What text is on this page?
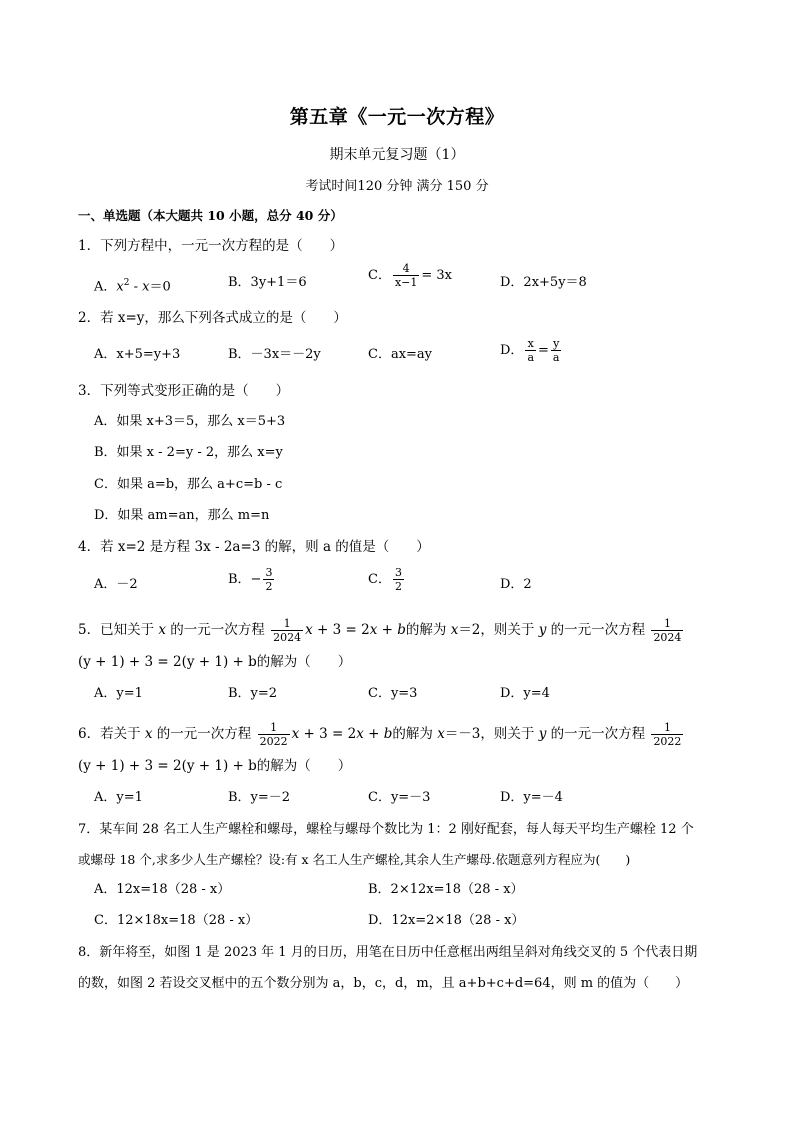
第五章《一元一次方程》
期末单元复习题（1）
考试时间120 分钟 满分 150 分
一、单选题（本大题共 10 小题，总分 40 分）
1．下列方程中，一元一次方程的是（　　）
A．$x^2 - x=0$	B．3y+1＝6	C． $\frac{4}{x-1} = 3x$	D．2x+5y＝8
2．若 x=y，那么下列各式成立的是（　　）
A．x+5=y+3	B．－3x＝－2y	C．ax=ay	D． $\frac{x}{a} = \frac{y}{a}$
3．下列等式变形正确的是（　　）
A．如果 x+3＝5，那么 x＝5+3
B．如果 x - 2=y - 2，那么 x=y
C．如果 a=b，那么 a+c=b - c
D．如果 am=an，那么 m=n
4．若 x=2 是方程 3x - 2a=3 的解，则 a 的值是（　　）
A．－2	B．− $\frac{3}{2}$	C． $\frac{3}{2}$	D．2
5．已知关于 x 的一元一次方程 $\frac{1}{2024}$ x + 3 = 2x + b的解为 x＝2，则关于 y 的一元一次方程 $\frac{1}{2024}$
(y + 1) + 3 = 2(y + 1) + b的解为（　　）
A．y=1	B．y=2	C．y=3	D．y=4
6．若关于 x 的一元一次方程 $\frac{1}{2022}$ x + 3 = 2x + b的解为 x＝－3，则关于 y 的一元一次方程 $\frac{1}{2022}$
(y + 1) + 3 = 2(y + 1) + b的解为（　　）
A．y=1	B．y=－2	C．y=－3	D．y=－4
7．某车间 28 名工人生产螺栓和螺母，螺栓与螺母个数比为 1：2 刚好配套，每人每天平均生产螺栓 12 个
或螺母 18 个,求多少人生产螺栓？设:有 x 名工人生产螺栓,其余人生产螺母.依题意列方程应为(　　)
A．12x=18（28 - x）	B．2×12x=18（28 - x）
C．12×18x=18（28 - x）	D．12x=2×18（28 - x）
8．新年将至，如图 1 是 2023 年 1 月的日历，用笔在日历中任意框出两组呈斜对角线交叉的 5 个代表日期
的数，如图 2 若设交叉框中的五个数分别为 a，b，c，d，m，且 a+b+c+d=64，则 m 的值为（　　）
